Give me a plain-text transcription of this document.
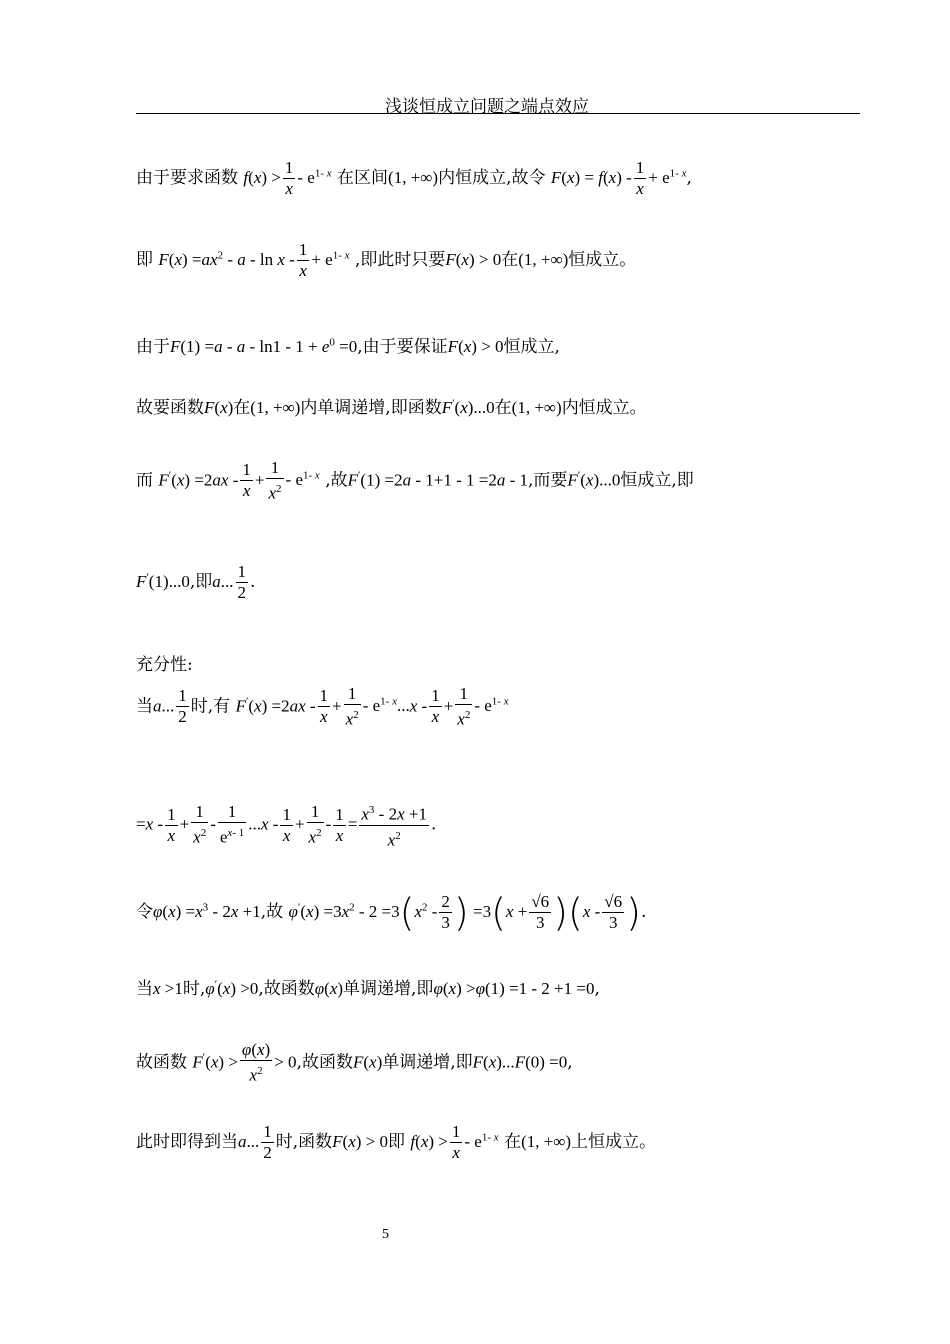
浅谈恒成立问题之端点效应
由于要求函数 $f(x) > \frac{1}{x} - e^{1- x}$ 在区间(1, +∞)内恒成立,故令 $F(x) = f(x) - \frac{1}{x} + e^{1- x}$,
即 $F(x) =ax^2 - a - \ln x - \frac{1}{x} + e^{1- x}$ ,即此时只要F(x) > 0在(1, +∞)恒成立。
由于$F(1) =a - a - \ln 1 - 1 + e^0 =0$,由于要保证F(x) > 0恒成立,
故要函数F(x)在(1, +∞)内单调递增,即函数F′(x)...0在(1, +∞)内恒成立。
而 $F'(x) =2ax - \frac{1}{x} + \frac{1}{x^2} - e^{1- x}$ ,故F′(1) =2a - 1+1 - 1 =2a - 1,而要F′(x)...0恒成立,即
F′(1)...0,即a... $\frac{1}{2}$ .
充分性:
当a... $\frac{1}{2}$ 时,有 $F'(x) =2ax - \frac{1}{x} + \frac{1}{x^2} - e^{1- x}...x - \frac{1}{x} + \frac{1}{x^2} - e^{1- x}$
$=x - \frac{1}{x} + \frac{1}{x^2} - \frac{1}{e^{x- 1}} ...x - \frac{1}{x} + \frac{1}{x^2} - \frac{1}{x} = \frac{x^3 - 2x +1}{x^2}$ .
令$\varphi(x) =x^3 - 2x +1$,故 $\varphi'(x) =3x^2 - 2 =3(x^2 - \frac{2}{3}$ ) $=3(x + \frac{√6}{3} )(x - \frac{√6}{3}$ ).
当x >1时,φ′(x) >0,故函数φ(x)单调递增,即φ(x) >φ(1) =1 - 2 +1 =0,
故函数 $F'(x) > \frac{\varphi(x)}{x^2} > 0$,故函数F(x)单调递增,即F(x)...F(0) =0,
此时即得到当a... $\frac{1}{2}$ 时,函数F(x) > 0即 $f(x) > \frac{1}{x} - e^{1- x}$ 在(1, +∞)上恒成立。
5
